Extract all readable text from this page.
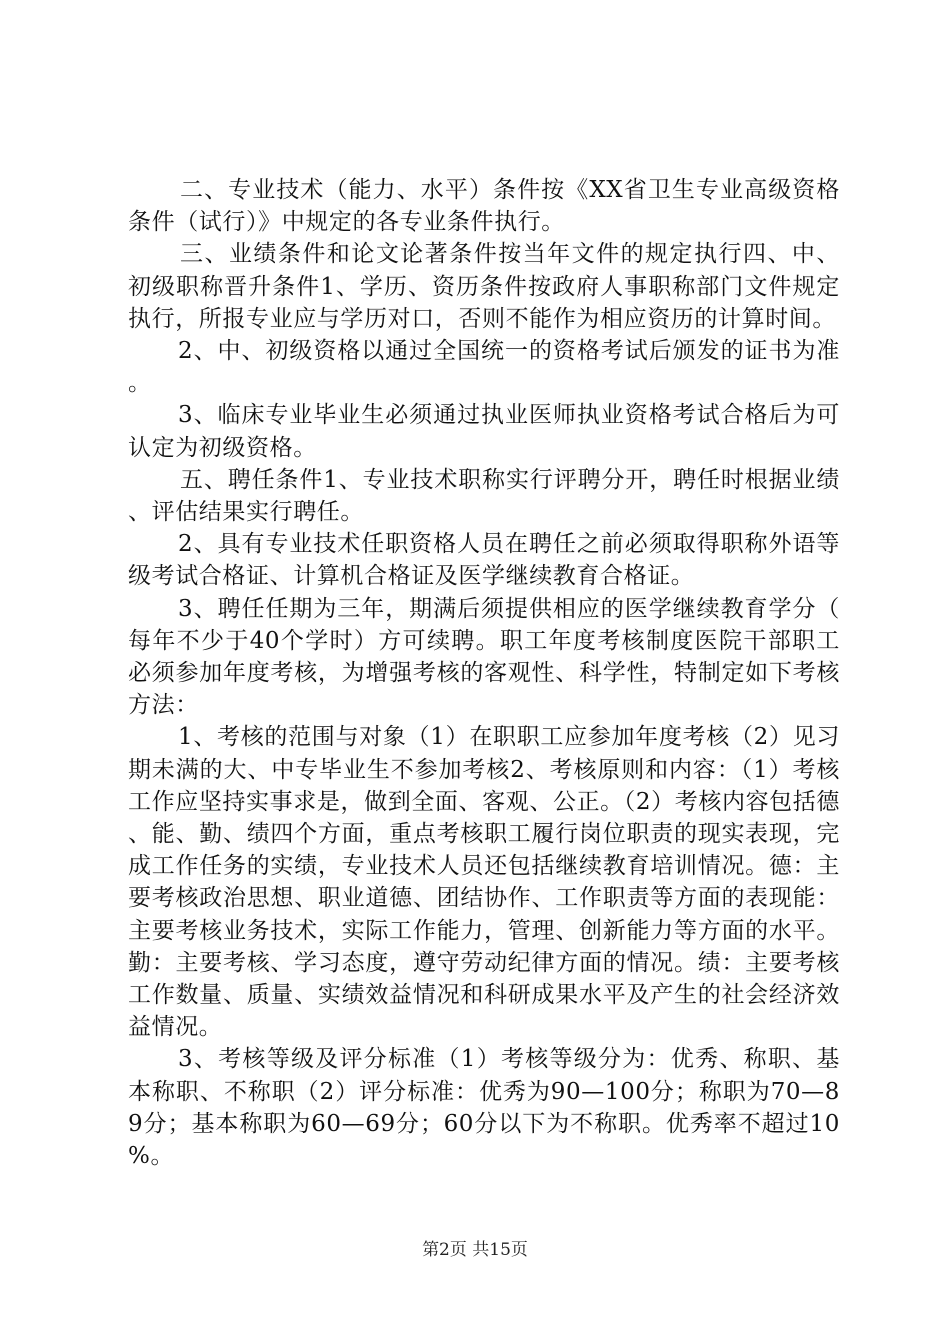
二、专业技术（能力、水平）条件按《XX省卫生专业高级资格条件（试行）》中规定的各专业条件执行。

三、业绩条件和论文论著条件按当年文件的规定执行四、中、初级职称晋升条件1、学历、资历条件按政府人事职称部门文件规定执行，所报专业应与学历对口，否则不能作为相应资历的计算时间。

2、中、初级资格以通过全国统一的资格考试后颁发的证书为准。

3、临床专业毕业生必须通过执业医师执业资格考试合格后为可认定为初级资格。

五、聘任条件1、专业技术职称实行评聘分开，聘任时根据业绩、评估结果实行聘任。

2、具有专业技术任职资格人员在聘任之前必须取得职称外语等级考试合格证、计算机合格证及医学继续教育合格证。

3、聘任任期为三年，期满后须提供相应的医学继续教育学分（每年不少于40个学时）方可续聘。职工年度考核制度医院干部职工必须参加年度考核，为增强考核的客观性、科学性，特制定如下考核方法：

1、考核的范围与对象（1）在职职工应参加年度考核（2）见习期未满的大、中专毕业生不参加考核2、考核原则和内容：（1）考核工作应坚持实事求是，做到全面、客观、公正。（2）考核内容包括德、能、勤、绩四个方面，重点考核职工履行岗位职责的现实表现，完成工作任务的实绩，专业技术人员还包括继续教育培训情况。德：主要考核政治思想、职业道德、团结协作、工作职责等方面的表现能：主要考核业务技术，实际工作能力，管理、创新能力等方面的水平。勤：主要考核、学习态度，遵守劳动纪律方面的情况。绩：主要考核工作数量、质量、实绩效益情况和科研成果水平及产生的社会经济效益情况。

3、考核等级及评分标准（1）考核等级分为：优秀、称职、基本称职、不称职（2）评分标准：优秀为90—100分；称职为70—89分；基本称职为60—69分；60分以下为不称职。优秀率不超过10%。

第2页 共15页
